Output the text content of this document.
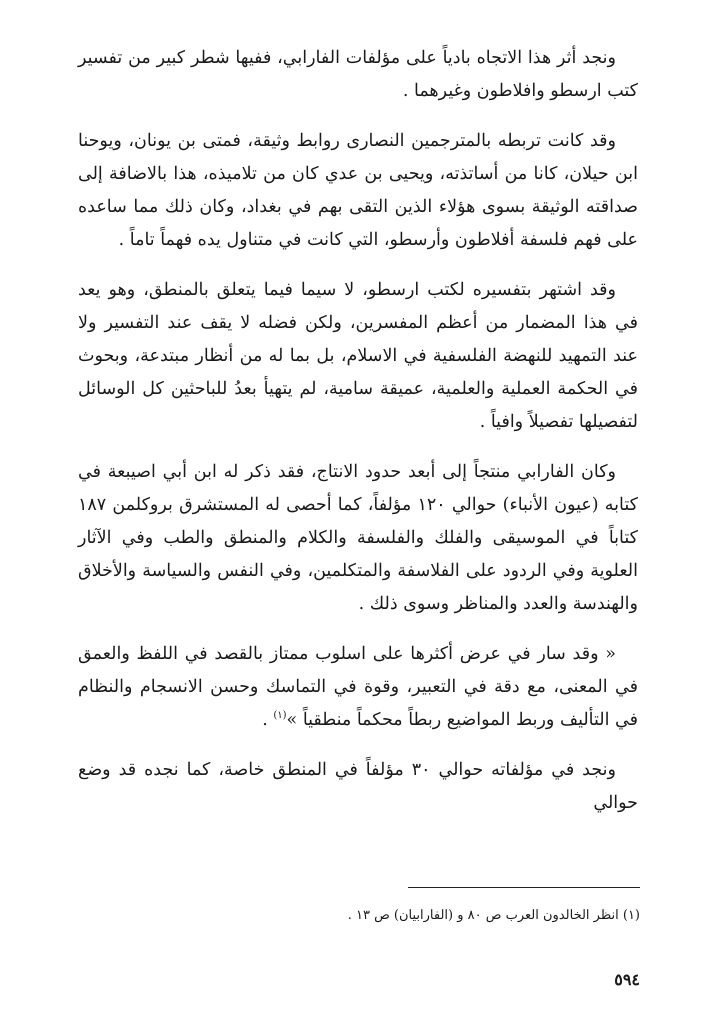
ونجد أثر هذا الاتجاه بادياً على مؤلفات الفارابي، ففيها شطر كبير من تفسير كتب ارسطو وافلاطون وغيرهما .

وقد كانت تربطه بالمترجمين النصارى روابط وثيقة، فمتى بن يونان، ويوحنا ابن حيلان، كانا من أساتذته، ويحيى بن عدي كان من تلاميذه، هذا بالاضافة إلى صداقته الوثيقة بسوى هؤلاء الذين التقى بهم في بغداد، وكان ذلك مما ساعده على فهم فلسفة أفلاطون وأرسطو، التي كانت في متناول يده فهماً تاماً .

وقد اشتهر بتفسيره لكتب ارسطو، لا سيما فيما يتعلق بالمنطق، وهو يعد في هذا المضمار من أعظم المفسرين، ولكن فضله لا يقف عند التفسير ولا عند التمهيد للنهضة الفلسفية في الاسلام، بل بما له من أنظار مبتدعة، وبحوث في الحكمة العملية والعلمية، عميقة سامية، لم يتهيأ بعدُ للباحثين كل الوسائل لتفصيلها تفصيلاً وافياً .

وكان الفارابي منتجاً إلى أبعد حدود الانتاج، فقد ذكر له ابن أبي اصيبعة في كتابه (عيون الأنباء) حوالي ١٢٠ مؤلفاً، كما أحصى له المستشرق بروكلمن ١٨٧ كتاباً في الموسيقى والفلك والفلسفة والكلام والمنطق والطب وفي الآثار العلوية وفي الردود على الفلاسفة والمتكلمين، وفي النفس والسياسة والأخلاق والهندسة والعدد والمناظر وسوى ذلك .

« وقد سار في عرض أكثرها على اسلوب ممتاز بالقصد في اللفظ والعمق في المعنى، مع دقة في التعبير، وقوة في التماسك وحسن الانسجام والنظام في التأليف وربط المواضيع ربطاً محكماً منطقياً »$^{(١)}$ .

ونجد في مؤلفاته حوالي ٣٠ مؤلفاً في المنطق خاصة، كما نجده قد وضع حوالي

(١) انظر الخالدون العرب ص ٨٠ و (الفارابيان) ص ١٣ .
٥٩٤
